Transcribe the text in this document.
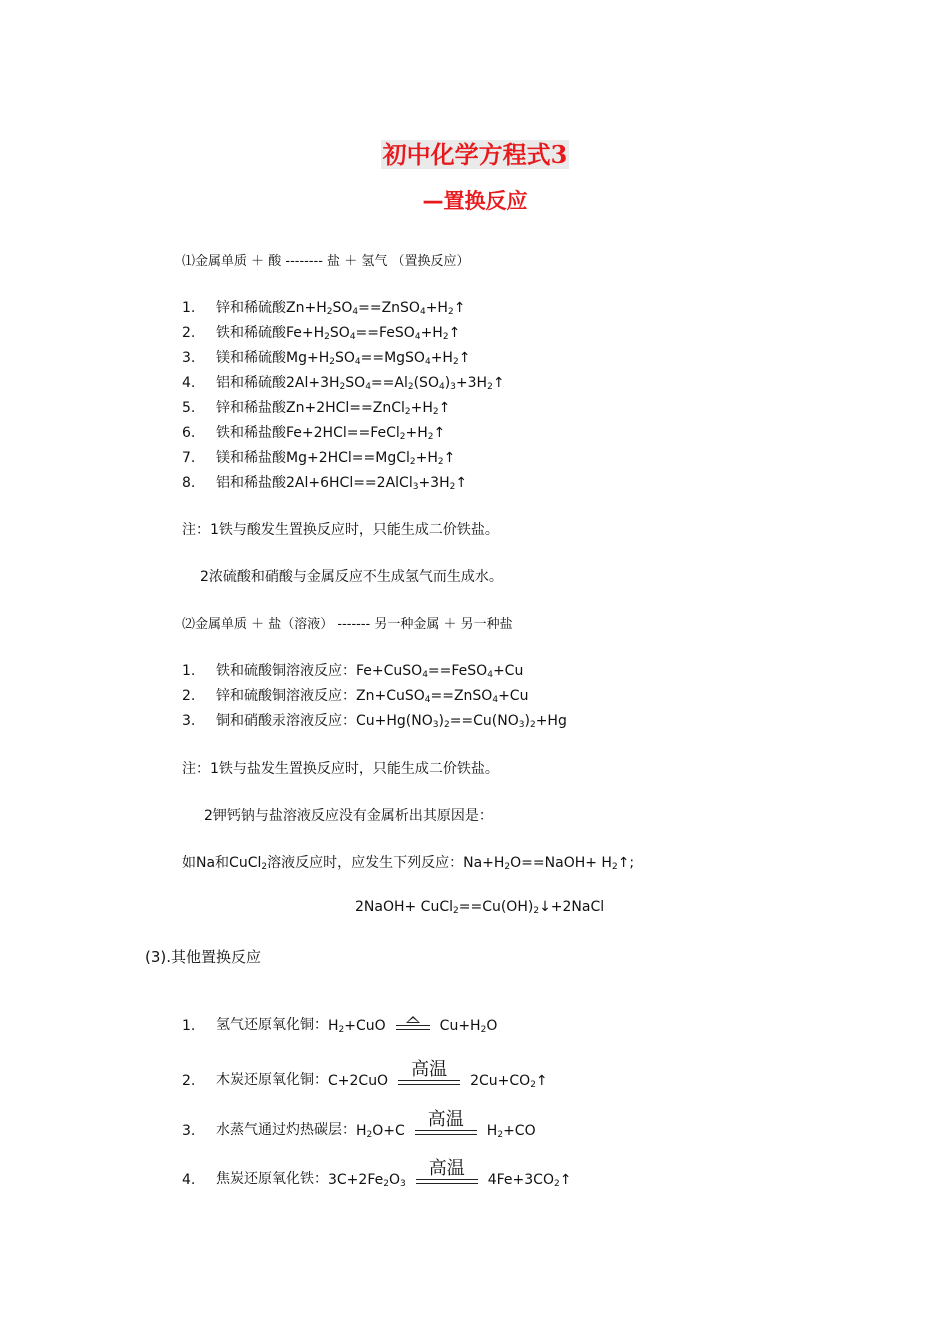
初中化学方程式3
—置换反应
⑴金属单质 ＋ 酸 -------- 盐 ＋ 氢气 （置换反应）
1. 锌和稀硫酸$Zn+H_2SO_4==ZnSO_4+H_2↑$
2. 铁和稀硫酸$Fe+H_2SO_4==FeSO_4+H_2↑$
3. 镁和稀硫酸$Mg+H_2SO_4==MgSO_4+H_2↑$
4. 铝和稀硫酸$2Al+3H_2SO_4==Al_2(SO_4)_3+3H_2↑$
5. 锌和稀盐酸$Zn+2HCl==ZnCl_2+H_2↑$
6. 铁和稀盐酸$Fe+2HCl==FeCl_2+H_2↑$
7. 镁和稀盐酸$Mg+2HCl==MgCl_2+H_2↑$
8. 铝和稀盐酸$2Al+6HCl==2AlCl_3+3H_2↑$
注：1铁与酸发生置换反应时，只能生成二价铁盐。
2浓硫酸和硝酸与金属反应不生成氢气而生成水。
⑵金属单质 ＋ 盐（溶液） ------- 另一种金属 ＋ 另一种盐
1. 铁和硫酸铜溶液反应：Fe+CuSO$_4$==FeSO$_4$+Cu
2. 锌和硫酸铜溶液反应：Zn+CuSO$_4$==ZnSO$_4$+Cu
3. 铜和硝酸汞溶液反应：$Cu+Hg(NO_3)_2==Cu(NO_3)_2+Hg$
注：1铁与盐发生置换反应时，只能生成二价铁盐。
2钾钙钠与盐溶液反应没有金属析出其原因是：
如Na和CuCl$_2$溶液反应时，应发生下列反应：$Na+H_2O==NaOH+$ $H_2↑$;
2NaOH+ $CuCl_2==Cu(OH)_2↓+2NaCl$
(3).其他置换反应
1.	氢气还原氧化铜： $H_2+CuO$	$Cu+H_2O$
2.	木炭还原氧化铜： C+2CuO
高温
$2Cu+CO_2↑$
3.	水蒸气通过灼热碳层： $H_2O+C$
高温
$H_2+CO$
4.	焦炭还原氧化铁： $3C+2Fe_2O_3$
高温
$4Fe+3CO_2↑$
